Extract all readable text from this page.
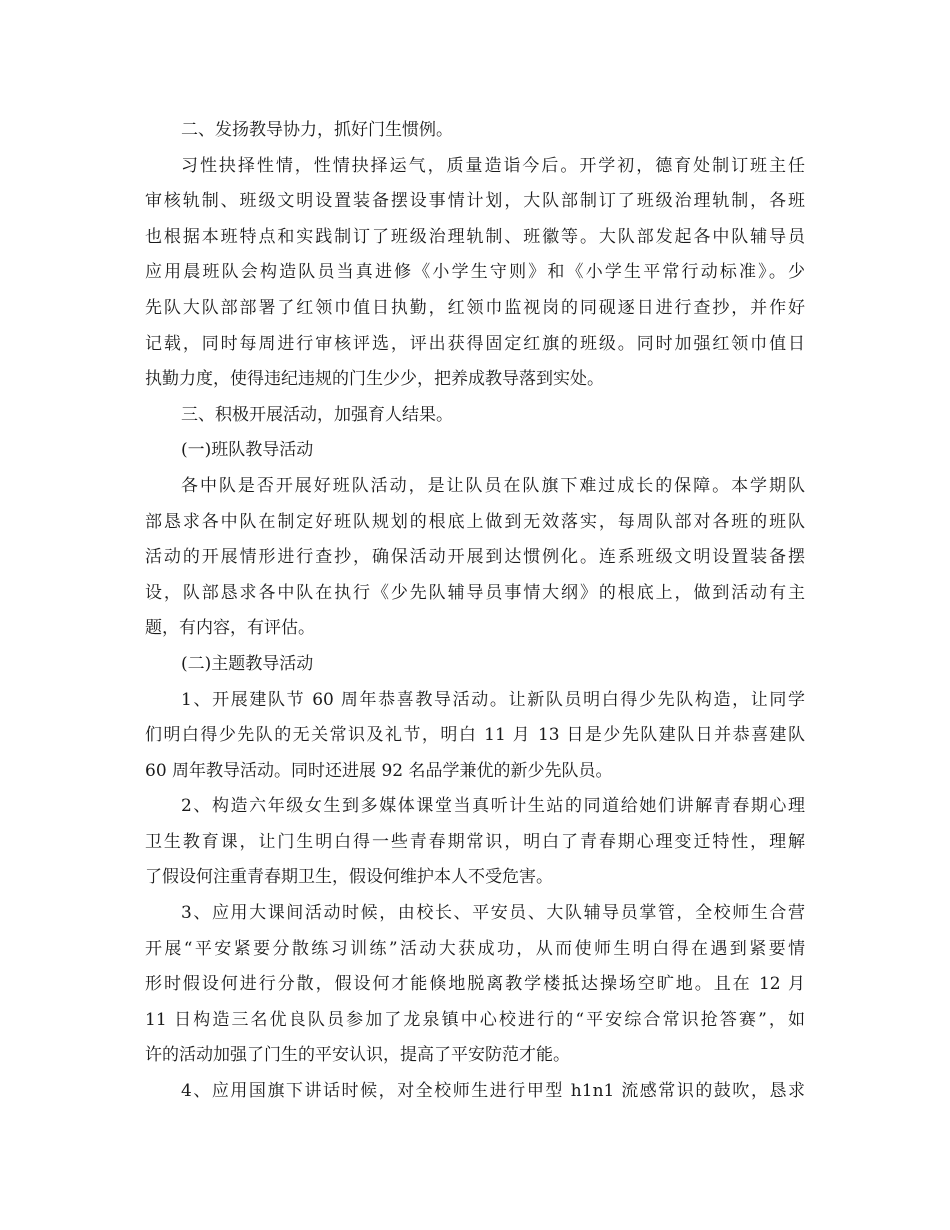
二、发扬教导协力，抓好门生惯例。
习性抉择性情，性情抉择运气，质量造诣今后。开学初，德育处制订班主任
审核轨制、班级文明设置装备摆设事情计划，大队部制订了班级治理轨制，各班
也根据本班特点和实践制订了班级治理轨制、班徽等。大队部发起各中队辅导员
应用晨班队会构造队员当真进修《小学生守则》和《小学生平常行动标准》。少
先队大队部部署了红领巾值日执勤，红领巾监视岗的同砚逐日进行查抄，并作好
记载，同时每周进行审核评选，评出获得固定红旗的班级。同时加强红领巾值日
执勤力度，使得违纪违规的门生少少，把养成教导落到实处。
三、积极开展活动，加强育人结果。
(一)班队教导活动
各中队是否开展好班队活动，是让队员在队旗下难过成长的保障。本学期队
部恳求各中队在制定好班队规划的根底上做到无效落实，每周队部对各班的班队
活动的开展情形进行查抄，确保活动开展到达惯例化。连系班级文明设置装备摆
设，队部恳求各中队在执行《少先队辅导员事情大纲》的根底上，做到活动有主
题，有内容，有评估。
(二)主题教导活动
1、开展建队节 60 周年恭喜教导活动。让新队员明白得少先队构造，让同学
们明白得少先队的无关常识及礼节，明白 11 月 13 日是少先队建队日并恭喜建队
60 周年教导活动。同时还进展 92 名品学兼优的新少先队员。
2、构造六年级女生到多媒体课堂当真听计生站的同道给她们讲解青春期心理
卫生教育课，让门生明白得一些青春期常识，明白了青春期心理变迁特性，理解
了假设何注重青春期卫生，假设何维护本人不受危害。
3、应用大课间活动时候，由校长、平安员、大队辅导员掌管，全校师生合营
开展“平安紧要分散练习训练”活动大获成功，从而使师生明白得在遇到紧要情
形时假设何进行分散，假设何才能倏地脱离教学楼抵达操场空旷地。且在 12 月
11 日构造三名优良队员参加了龙泉镇中心校进行的“平安综合常识抢答赛”，如
许的活动加强了门生的平安认识，提高了平安防范才能。
4、应用国旗下讲话时候，对全校师生进行甲型 h1n1 流感常识的鼓吹，恳求
